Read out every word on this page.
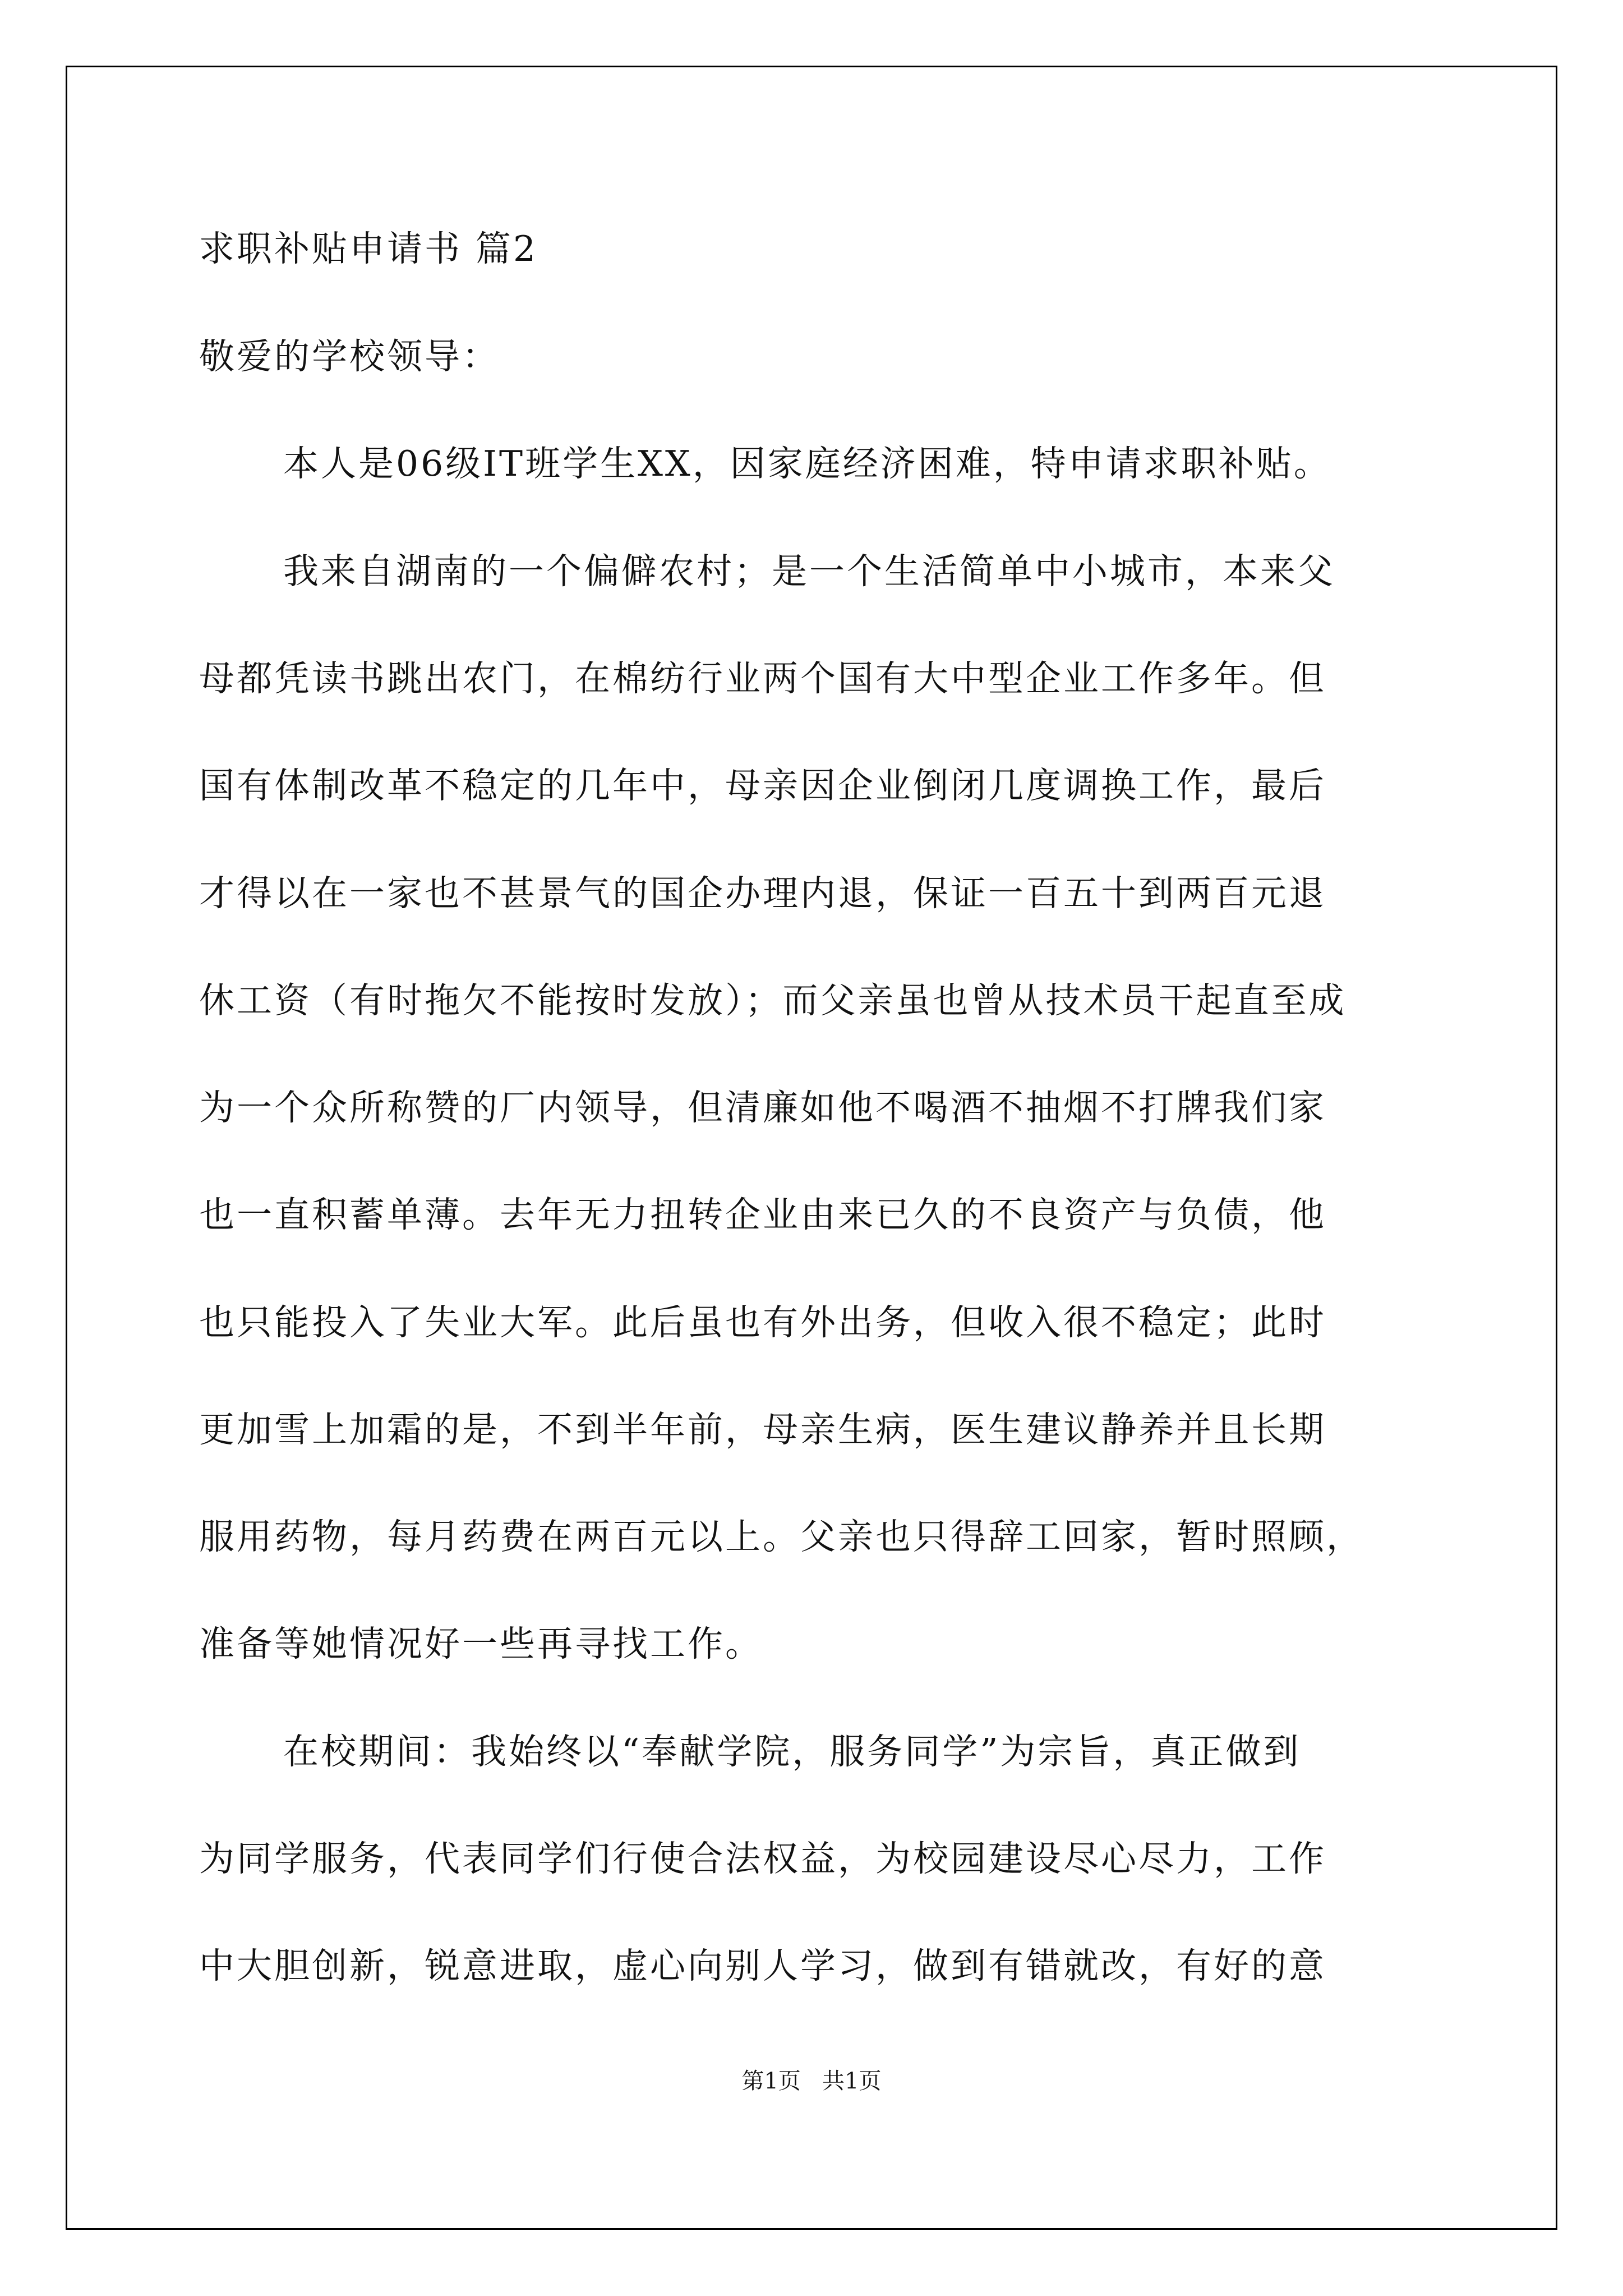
求职补贴申请书 篇2

敬爱的学校领导：

本人是06级IT班学生XX，因家庭经济困难，特申请求职补贴。

我来自湖南的一个偏僻农村；是一个生活简单中小城市，本来父

母都凭读书跳出农门，在棉纺行业两个国有大中型企业工作多年。但

国有体制改革不稳定的几年中，母亲因企业倒闭几度调换工作，最后

才得以在一家也不甚景气的国企办理内退，保证一百五十到两百元退

休工资（有时拖欠不能按时发放）；而父亲虽也曾从技术员干起直至成

为一个众所称赞的厂内领导，但清廉如他不喝酒不抽烟不打牌我们家

也一直积蓄单薄。去年无力扭转企业由来已久的不良资产与负债，他

也只能投入了失业大军。此后虽也有外出务，但收入很不稳定；此时

更加雪上加霜的是，不到半年前，母亲生病，医生建议静养并且长期

服用药物，每月药费在两百元以上。父亲也只得辞工回家，暂时照顾，

准备等她情况好一些再寻找工作。

在校期间：我始终以“奉献学院，服务同学”为宗旨，真正做到

为同学服务，代表同学们行使合法权益，为校园建设尽心尽力，工作

中大胆创新，锐意进取，虚心向别人学习，做到有错就改，有好的意

第1页   共1页
